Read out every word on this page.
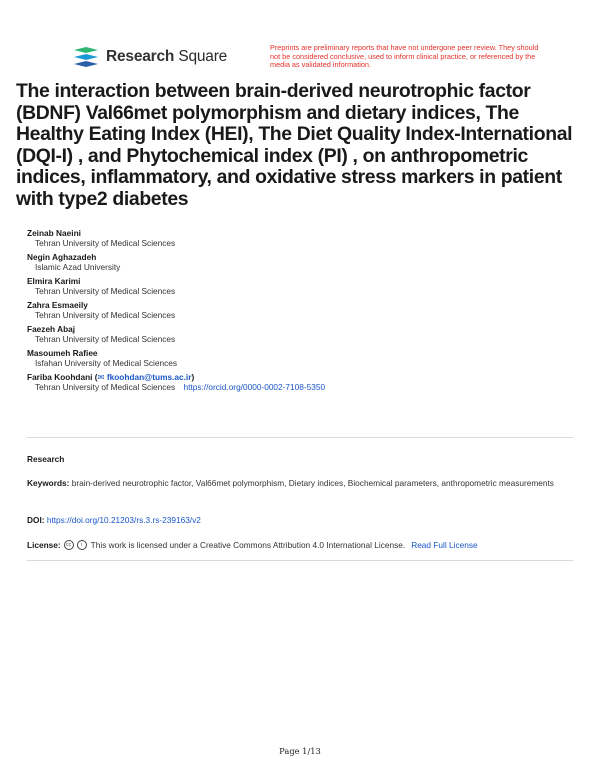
Research Square
Preprints are preliminary reports that have not undergone peer review. They should not be considered conclusive, used to inform clinical practice, or referenced by the media as validated information.
The interaction between brain-derived neurotrophic factor (BDNF) Val66met polymorphism and dietary indices, The Healthy Eating Index (HEI), The Diet Quality Index-International (DQI-I) , and Phytochemical index (PI) , on anthropometric indices, inflammatory, and oxidative stress markers in patient with type2 diabetes
Zeinab Naeini
Tehran University of Medical Sciences
Negin Aghazadeh
Islamic Azad University
Elmira Karimi
Tehran University of Medical Sciences
Zahra Esmaeily
Tehran University of Medical Sciences
Faezeh Abaj
Tehran University of Medical Sciences
Masoumeh Rafiee
Isfahan University of Medical Sciences
Fariba Koohdani (✉ fkoohdan@tums.ac.ir)
Tehran University of Medical Sciences https://orcid.org/0000-0002-7108-5350
Research
Keywords: brain-derived neurotrophic factor, Val66met polymorphism, Dietary indices, Biochemical parameters, anthropometric measurements
DOI: https://doi.org/10.21203/rs.3.rs-239163/v2
License:	cc	i	This work is licensed under a Creative Commons Attribution 4.0 International License. Read Full License
Page 1/13
